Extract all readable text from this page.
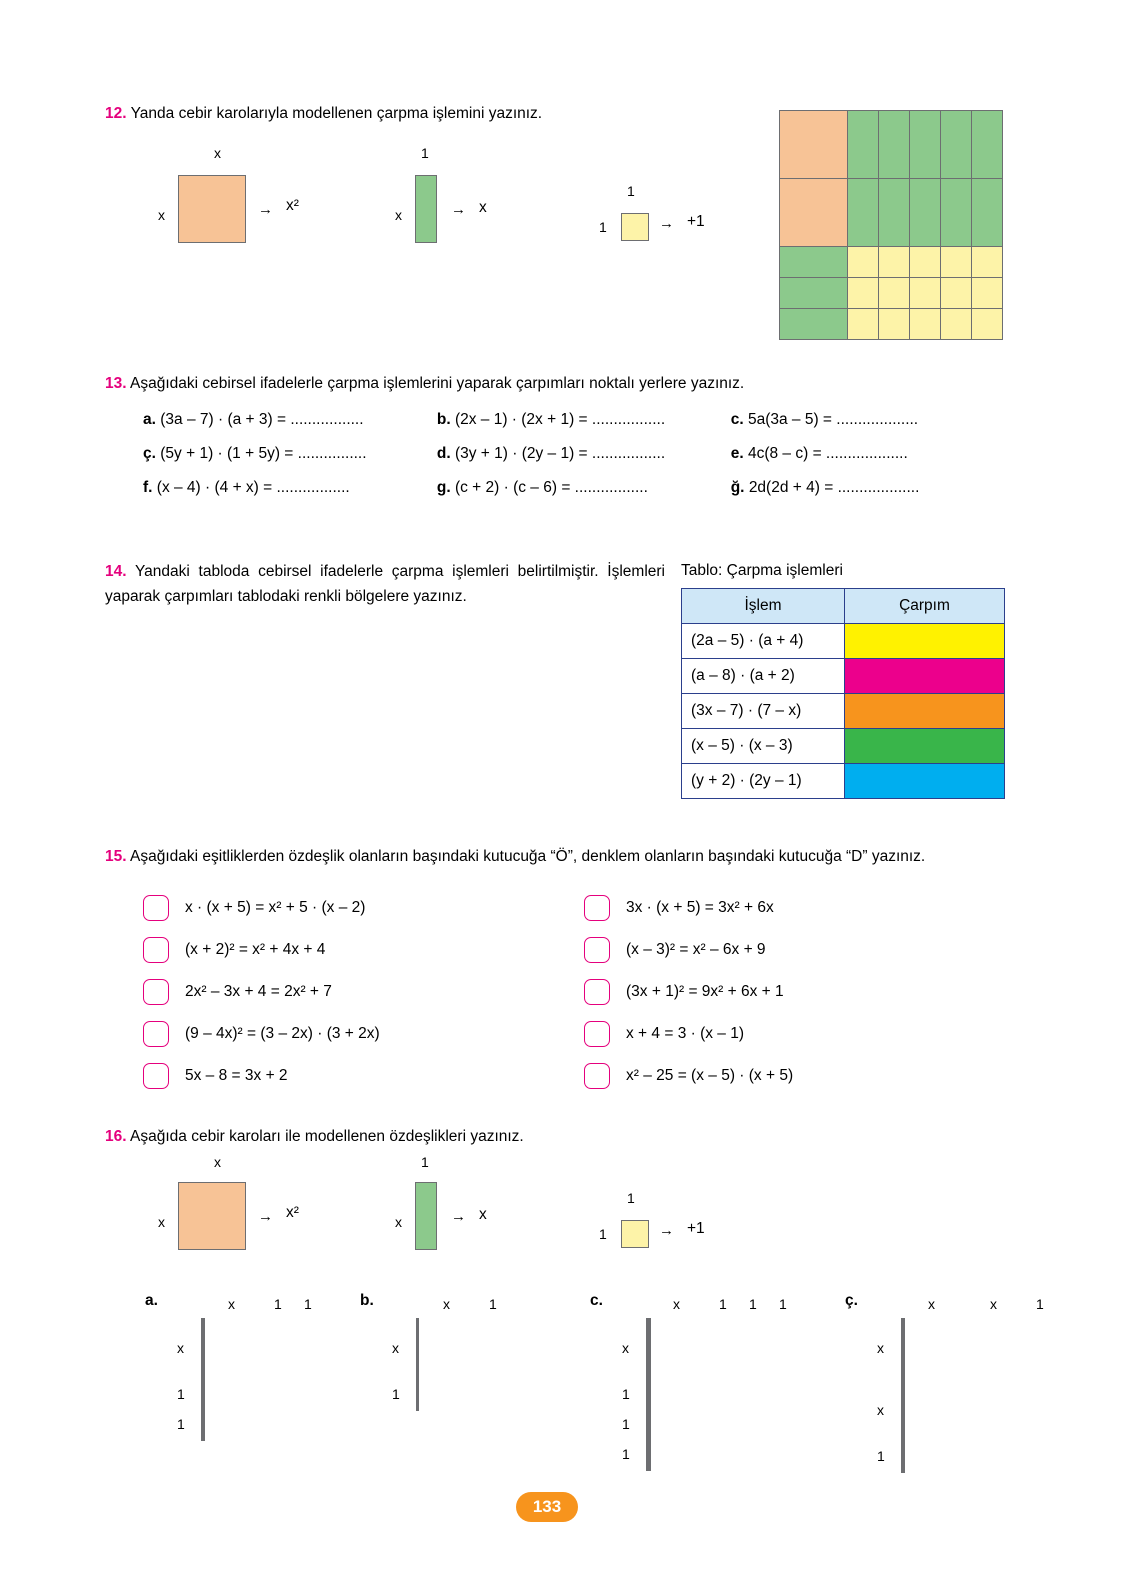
12. Yanda cebir karolarıyla modellenen çarpma işlemini yazınız.
x
x	→ x²
1
x	→ x
1
1	→ +1

13. Aşağıdaki cebirsel ifadelerle çarpma işlemlerini yaparak çarpımları noktalı yerlere yazınız.
a. (3a – 7) · (a + 3) = .................	b. (2x – 1) · (2x + 1) = .................	c. 5a(3a – 5) = ...................
ç. (5y + 1) · (1 + 5y) = ................	d. (3y + 1) · (2y – 1) = .................	e. 4c(8 – c) = ...................
f. (x – 4) · (4 + x) = .................	g. (c + 2) · (c – 6) = .................	ğ. 2d(2d + 4) = ...................
14. Yandaki tabloda cebirsel ifadelerle çarpma işlemleri belirtilmiştir. İşlemleri yaparak çarpımları tablodaki renkli bölgelere yazınız.
Tablo: Çarpma işlemleri
İşlem	Çarpım
(2a – 5) · (a + 4)	
(a – 8) · (a + 2)	
(3x – 7) · (7 – x)	
(x – 5) · (x – 3)	
(y + 2) · (2y – 1)	
15. Aşağıdaki eşitliklerden özdeşlik olanların başındaki kutucuğa “Ö”, denklem olanların başındaki kutucuğa “D” yazınız.
x · (x + 5) = x² + 5 · (x – 2)
(x + 2)² = x² + 4x + 4
2x² – 3x + 4 = 2x² + 7
(9 – 4x)² = (3 – 2x) · (3 + 2x)
5x – 8 = 3x + 2
3x · (x + 5) = 3x² + 6x
(x – 3)² = x² – 6x + 9
(3x + 1)² = 9x² + 6x + 1
x + 4 = 3 · (x – 1)
x² – 25 = (x – 5) · (x + 5)
16. Aşağıda cebir karoları ile modellenen özdeşlikleri yazınız.
x
x	→ x²
1
x	→ x
1
1	→ +1
a.	x	1 1
x
1
1

b.	x	1
x
1

c.	x	1 1 1
x
1
1
1

ç.	x	x	1
x
x
1

133
